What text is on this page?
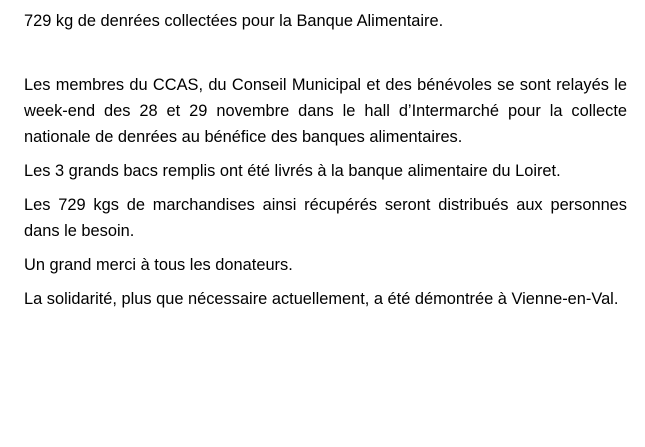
729 kg de denrées collectées pour la Banque Alimentaire.

Les membres du CCAS, du Conseil Municipal et des bénévoles se sont relayés le week-end des 28 et 29 novembre dans le hall d’Intermarché pour la collecte nationale de denrées au bénéfice des banques alimentaires.

Les 3 grands bacs remplis ont été livrés à la banque alimentaire du Loiret.

Les 729 kgs de marchandises ainsi récupérés seront distribués aux personnes dans le besoin.

Un grand merci à tous les donateurs.

La solidarité, plus que nécessaire actuellement, a été démontrée à Vienne-en-Val.
